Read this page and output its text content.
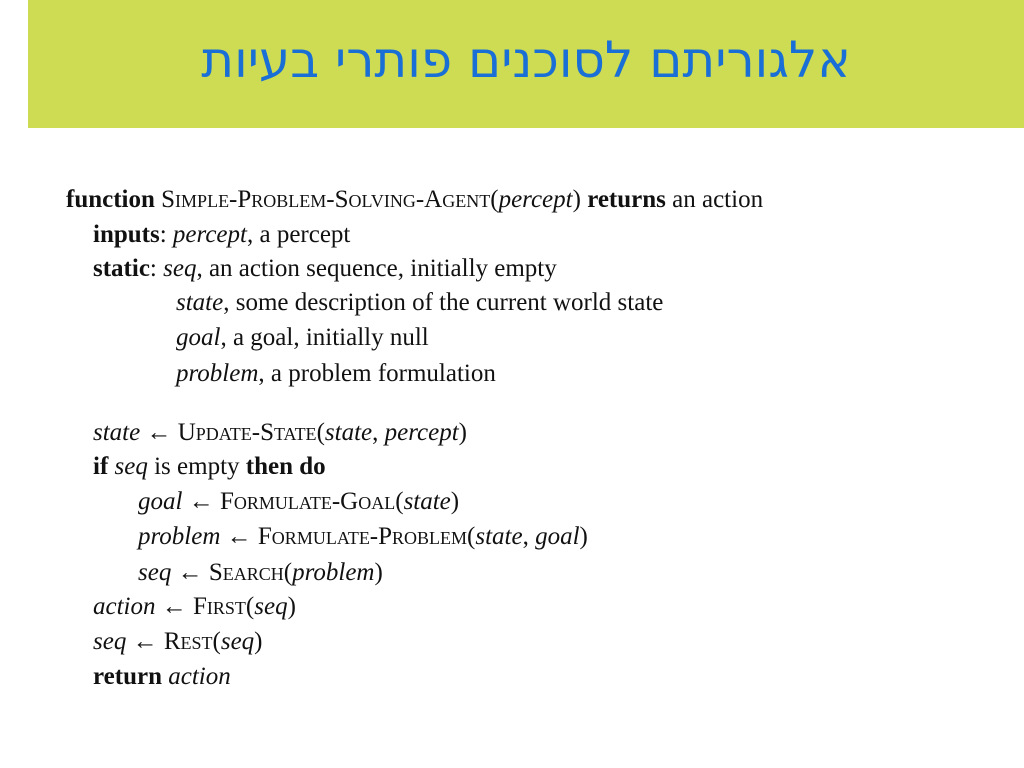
אלגוריתם לסוכנים פותרי בעיות
function Simple-Problem-Solving-Agent(percept) returns an action
inputs: percept, a percept
static: seq, an action sequence, initially empty
state, some description of the current world state
goal, a goal, initially null
problem, a problem formulation
state ← Update-State(state, percept)
if seq is empty then do
goal ← Formulate-Goal(state)
problem ← Formulate-Problem(state, goal)
seq ← Search(problem)
action ← First(seq)
seq ← Rest(seq)
return action
